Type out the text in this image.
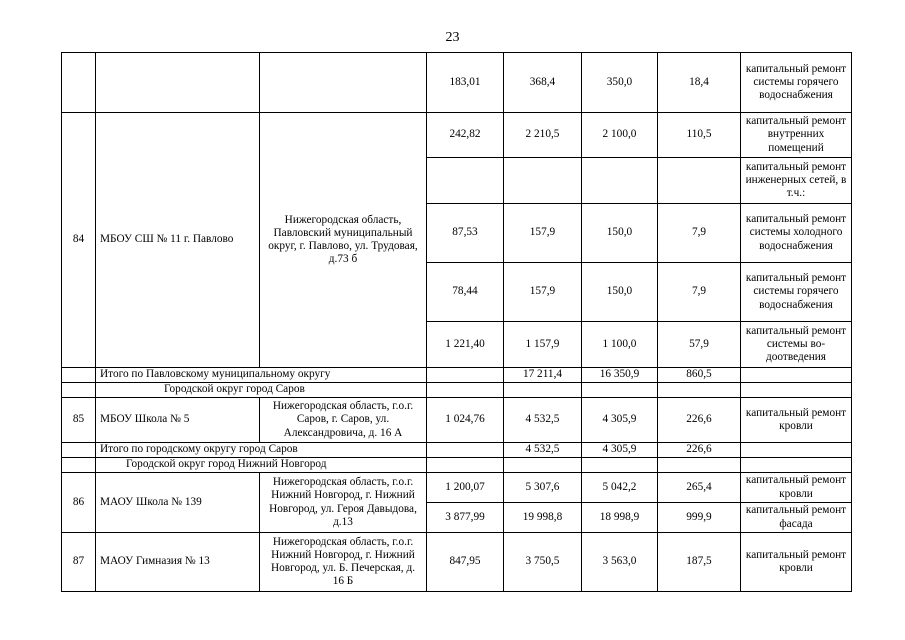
23
			183,01	368,4	350,0	18,4	капитальный ремонт системы горячего водоснабжения
84	МБОУ СШ № 11 г. Павлово	Нижегородская область, Павловский муниципальный округ, г. Павлово, ул. Трудовая, д.73 б	242,82	2 210,5	2 100,0	110,5	капитальный ремонт внутренних помещений
							капитальный ремонт инженерных сетей, в т.ч.:
			87,53	157,9	150,0	7,9	капитальный ремонт системы холодного водоснабжения
			78,44	157,9	150,0	7,9	капитальный ремонт системы горячего водоснабжения
			1 221,40	1 157,9	1 100,0	57,9	капитальный ремонт системы водоотведения
	Итого по Павловскому муниципальному округу			17 211,4	16 350,9	860,5	
	Городской округ город Саров						
85	МБОУ Школа № 5	Нижегородская область, г.о.г. Саров, г. Саров, ул. Александровича, д. 16 А	1 024,76	4 532,5	4 305,9	226,6	капитальный ремонт кровли
	Итого по городскому округу город Саров			4 532,5	4 305,9	226,6	
	Городской округ город Нижний Новгород						
86	МАОУ Школа № 139	Нижегородская область, г.о.г. Нижний Новгород, г. Нижний Новгород, ул. Героя Давыдова, д.13	1 200,07	5 307,6	5 042,2	265,4	капитальный ремонт кровли
			3 877,99	19 998,8	18 998,9	999,9	капитальный ремонт фасада
87	МАОУ Гимназия № 13	Нижегородская область, г.о.г. Нижний Новгород, г. Нижний Новгород, ул. Б. Печерская, д. 16 Б	847,95	3 750,5	3 563,0	187,5	капитальный ремонт кровли
